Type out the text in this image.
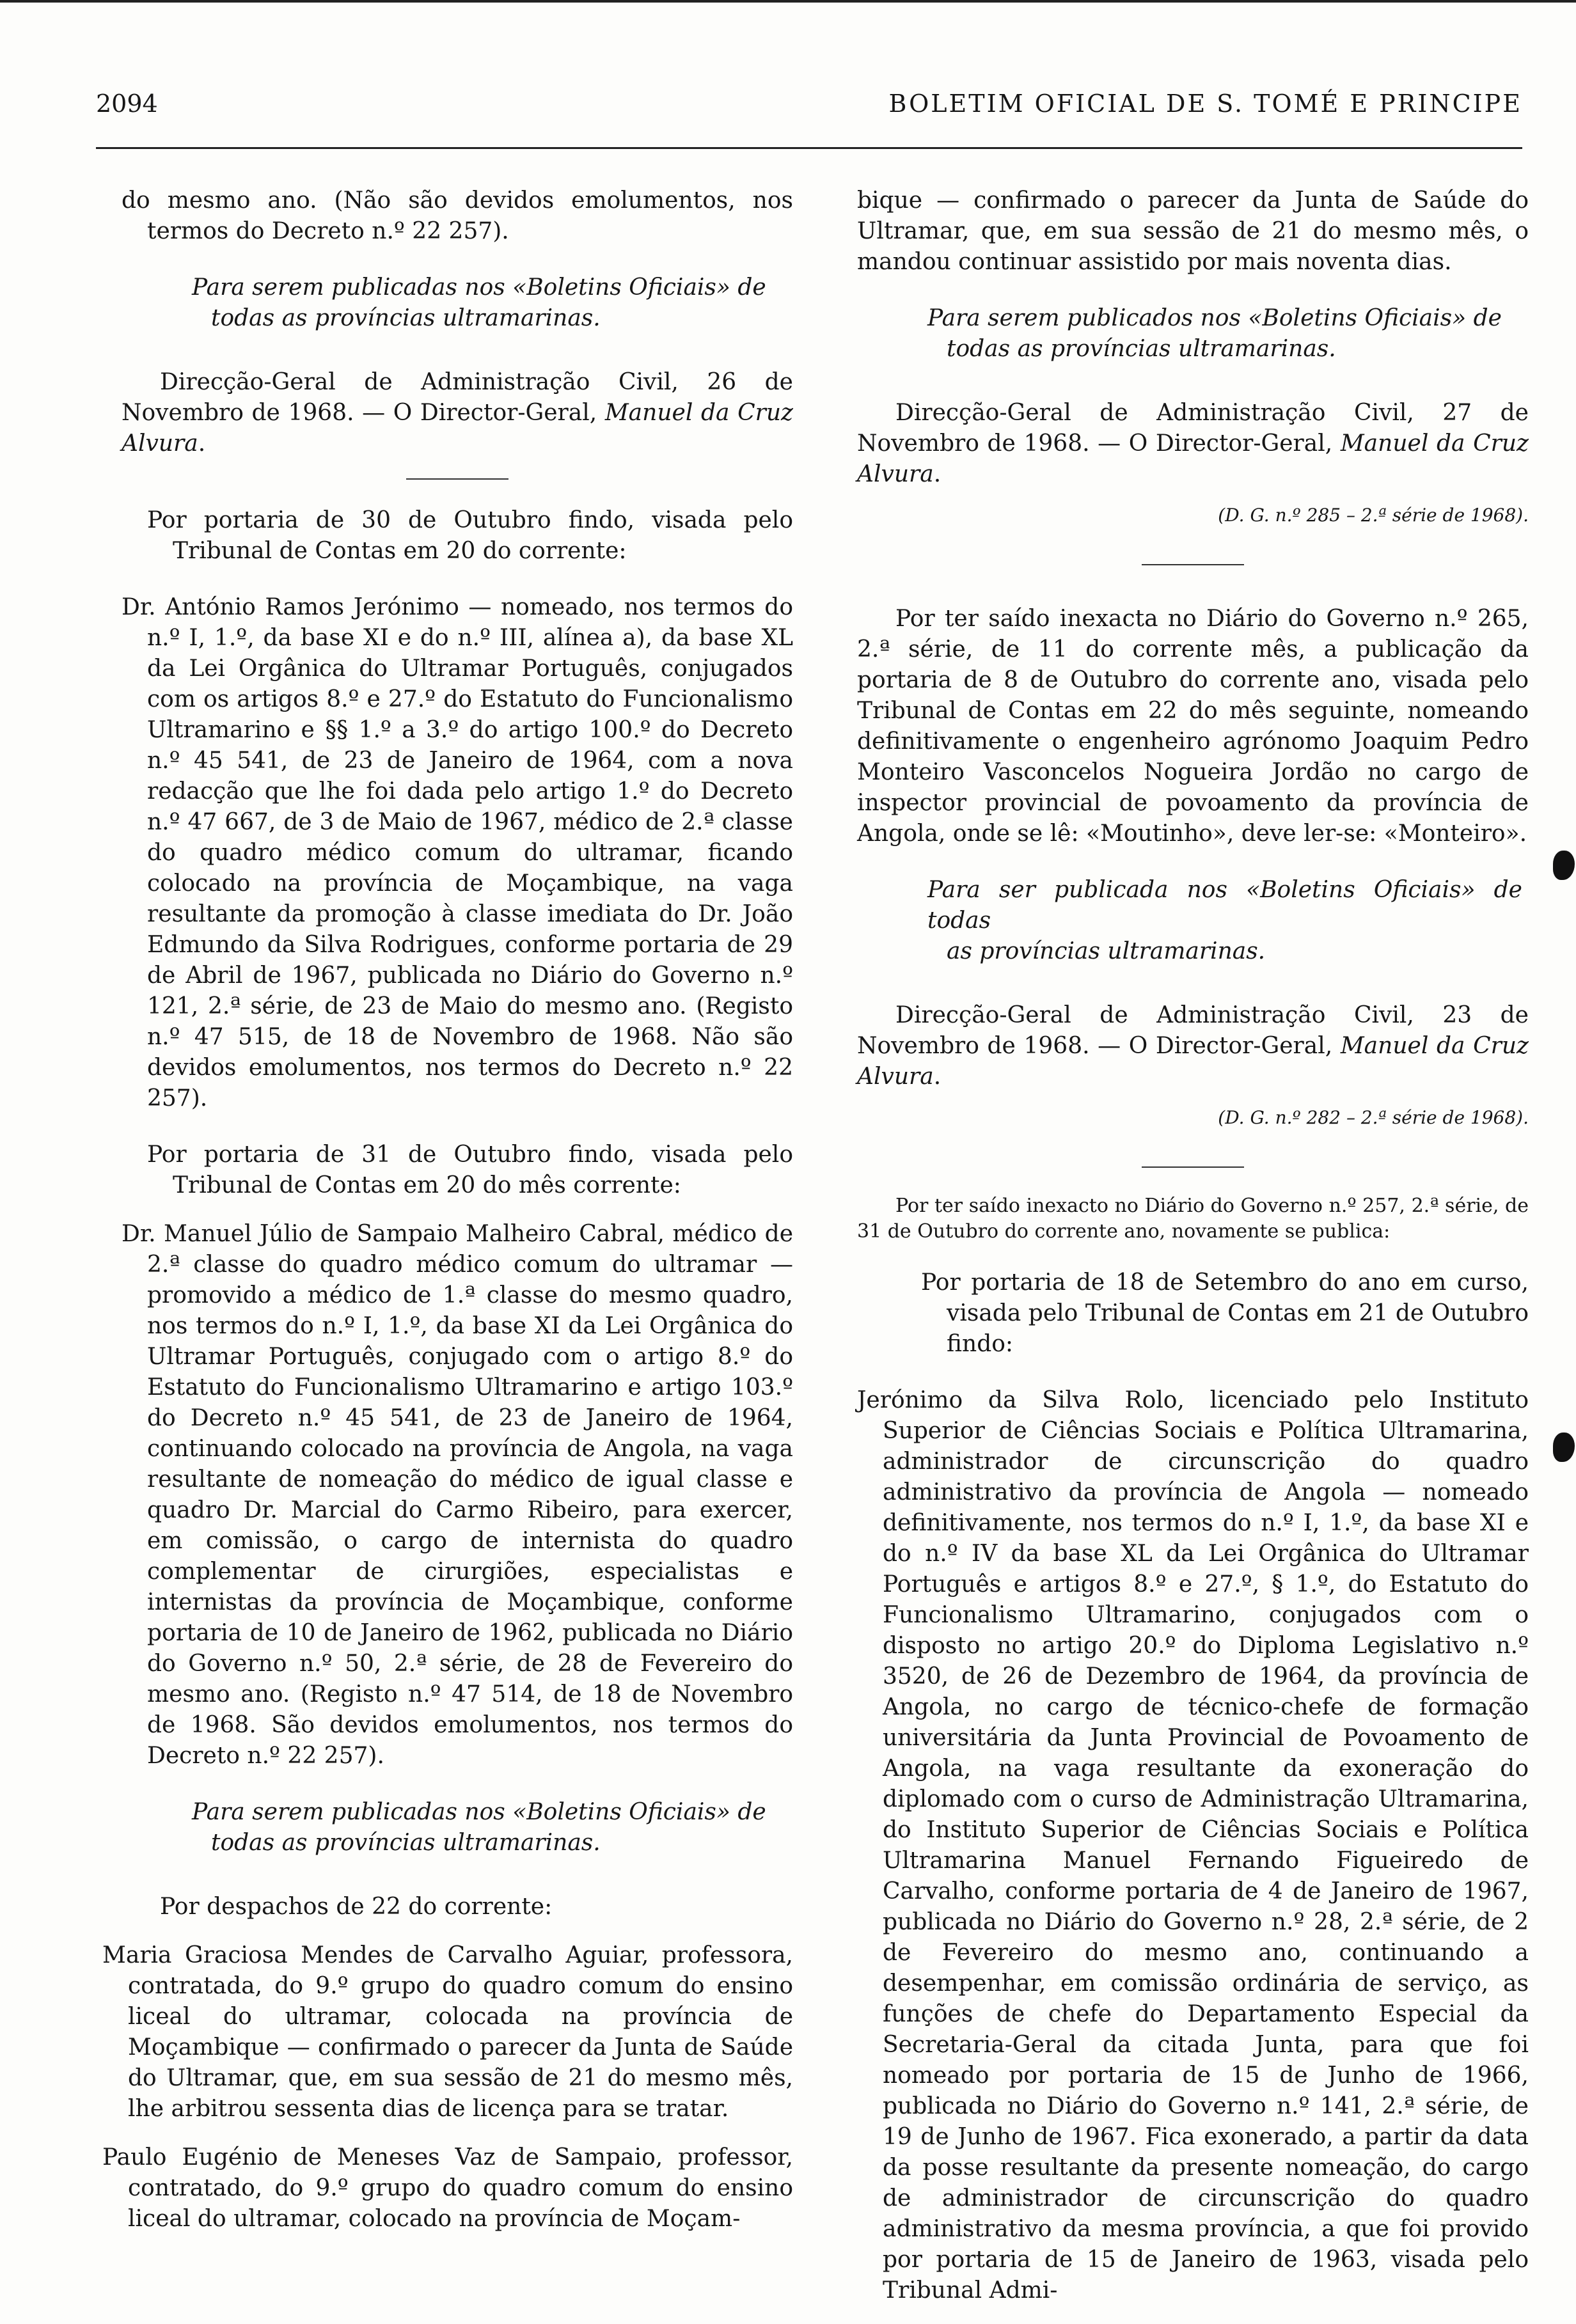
2094	BOLETIM OFICIAL DE S. TOMÉ E PRINCIPE

do mesmo ano. (Não são devidos emolumentos, nos termos do Decreto n.º 22 257).

Para serem publicadas nos «Boletins Oficiais» de
todas as províncias ultramarinas.

Direcção-Geral de Administração Civil, 26 de Novembro de 1968. — O Director-Geral, Manuel da Cruz Alvura.

Por portaria de 30 de Outubro findo, visada pelo Tribunal de Contas em 20 do corrente:

Dr. António Ramos Jerónimo — nomeado, nos termos do n.º I, 1.º, da base XI e do n.º III, alínea a), da base XL da Lei Orgânica do Ultramar Português, conjugados com os artigos 8.º e 27.º do Estatuto do Funcionalismo Ultramarino e §§ 1.º a 3.º do artigo 100.º do Decreto n.º 45 541, de 23 de Janeiro de 1964, com a nova redacção que lhe foi dada pelo artigo 1.º do Decreto n.º 47 667, de 3 de Maio de 1967, médico de 2.ª classe do quadro médico comum do ultramar, ficando colocado na província de Moçambique, na vaga resultante da promoção à classe imediata do Dr. João Edmundo da Silva Rodrigues, conforme portaria de 29 de Abril de 1967, publicada no Diário do Governo n.º 121, 2.ª série, de 23 de Maio do mesmo ano. (Registo n.º 47 515, de 18 de Novembro de 1968. Não são devidos emolumentos, nos termos do Decreto n.º 22 257).

Por portaria de 31 de Outubro findo, visada pelo Tribunal de Contas em 20 do mês corrente:

Dr. Manuel Júlio de Sampaio Malheiro Cabral, médico de 2.ª classe do quadro médico comum do ultramar — promovido a médico de 1.ª classe do mesmo quadro, nos termos do n.º I, 1.º, da base XI da Lei Orgânica do Ultramar Português, conjugado com o artigo 8.º do Estatuto do Funcionalismo Ultramarino e artigo 103.º do Decreto n.º 45 541, de 23 de Janeiro de 1964, continuando colocado na província de Angola, na vaga resultante de nomeação do médico de igual classe e quadro Dr. Marcial do Carmo Ribeiro, para exercer, em comissão, o cargo de internista do quadro complementar de cirurgiões, especialistas e internistas da província de Moçambique, conforme portaria de 10 de Janeiro de 1962, publicada no Diário do Governo n.º 50, 2.ª série, de 28 de Fevereiro do mesmo ano. (Registo n.º 47 514, de 18 de Novembro de 1968. São devidos emolumentos, nos termos do Decreto n.º 22 257).

Para serem publicadas nos «Boletins Oficiais» de
todas as províncias ultramarinas.

Por despachos de 22 do corrente:

Maria Graciosa Mendes de Carvalho Aguiar, professora, contratada, do 9.º grupo do quadro comum do ensino liceal do ultramar, colocada na província de Moçambique — confirmado o parecer da Junta de Saúde do Ultramar, que, em sua sessão de 21 do mesmo mês, lhe arbitrou sessenta dias de licença para se tratar.

Paulo Eugénio de Meneses Vaz de Sampaio, professor, contratado, do 9.º grupo do quadro comum do ensino liceal do ultramar, colocado na província de Moçam-

bique — confirmado o parecer da Junta de Saúde do Ultramar, que, em sua sessão de 21 do mesmo mês, o mandou continuar assistido por mais noventa dias.

Para serem publicados nos «Boletins Oficiais» de
todas as províncias ultramarinas.

Direcção-Geral de Administração Civil, 27 de Novembro de 1968. — O Director-Geral, Manuel da Cruz Alvura.

(D. G. n.º 285 – 2.ª série de 1968).

Por ter saído inexacta no Diário do Governo n.º 265, 2.ª série, de 11 do corrente mês, a publicação da portaria de 8 de Outubro do corrente ano, visada pelo Tribunal de Contas em 22 do mês seguinte, nomeando definitivamente o engenheiro agrónomo Joaquim Pedro Monteiro Vasconcelos Nogueira Jordão no cargo de inspector provincial de povoamento da província de Angola, onde se lê: «Moutinho», deve ler-se: «Monteiro».

Para ser publicada nos «Boletins Oficiais» de todas
as províncias ultramarinas.

Direcção-Geral de Administração Civil, 23 de Novembro de 1968. — O Director-Geral, Manuel da Cruz Alvura.

(D. G. n.º 282 – 2.ª série de 1968).

Por ter saído inexacto no Diário do Governo n.º 257, 2.ª série, de 31 de Outubro do corrente ano, novamente se publica:

Por portaria de 18 de Setembro do ano em curso, visada pelo Tribunal de Contas em 21 de Outubro findo:

Jerónimo da Silva Rolo, licenciado pelo Instituto Superior de Ciências Sociais e Política Ultramarina, administrador de circunscrição do quadro administrativo da província de Angola — nomeado definitivamente, nos termos do n.º I, 1.º, da base XI e do n.º IV da base XL da Lei Orgânica do Ultramar Português e artigos 8.º e 27.º, § 1.º, do Estatuto do Funcionalismo Ultramarino, conjugados com o disposto no artigo 20.º do Diploma Legislativo n.º 3520, de 26 de Dezembro de 1964, da província de Angola, no cargo de técnico-chefe de formação universitária da Junta Provincial de Povoamento de Angola, na vaga resultante da exoneração do diplomado com o curso de Administração Ultramarina, do Instituto Superior de Ciências Sociais e Política Ultramarina Manuel Fernando Figueiredo de Carvalho, conforme portaria de 4 de Janeiro de 1967, publicada no Diário do Governo n.º 28, 2.ª série, de 2 de Fevereiro do mesmo ano, continuando a desempenhar, em comissão ordinária de serviço, as funções de chefe do Departamento Especial da Secretaria-Geral da citada Junta, para que foi nomeado por portaria de 15 de Junho de 1966, publicada no Diário do Governo n.º 141, 2.ª série, de 19 de Junho de 1967. Fica exonerado, a partir da data da posse resultante da presente nomeação, do cargo de administrador de circunscrição do quadro administrativo da mesma província, a que foi provido por portaria de 15 de Janeiro de 1963, visada pelo Tribunal Admi-
